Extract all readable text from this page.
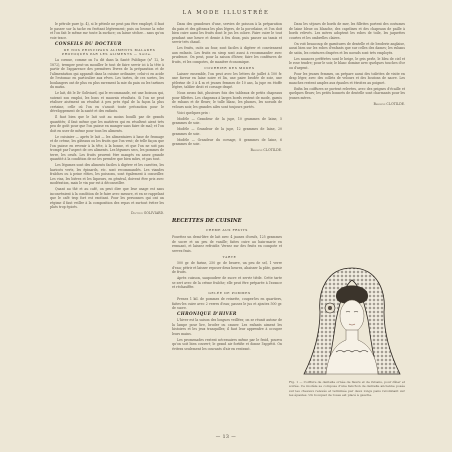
LA MODE ILLUSTRÉE

le pétrole pure (p. 4), si le pétrole ne peut pas être employé, il faut le passer sur la tache en frottant légèrement; puis on brosse la robe et l'on fait le même sur toute la surface; on laisse sécher... sans qu'on voie trace.

CONSEILS DU DOCTEUR

DE NOS PRINCIPAUX ALIMENTS MALADES PROVOQUÉS PAR LES ALIMENTS — Suite.

La cornue, comme on l'a dit dans la Santé Publique (n° 12, le 1872), tremper peut-on mouiller le tout de faire servir ici à la tête à partir de l'apparence des premières lèvres de la préparation et de l'alimentation qui apparaît dans la cuisine ordinaire; celui-ci en acide de l'estomac en particulier aux rêves. Les tartes, de ces sortes, les boulangers ont de plus en plus rarement la mie du pain ou les tartines du matin.

Le lait, dit le Dr Goliviard, qui le recommande, est une boisson qui, suivant son emploi, les bons et mauvais résultats. Si l'on ne peut réaliser aisément un résultat à peu près égal de la façon la plus certaine, celle où l'on en s'assoit toute précaution pour le développement de la santé et des enfants.

Il faut bien que le lait soit au moins bouilli par de grands quantités; il faut même que les matières qui en résultent aient très peu de goût pour que l'on puisse en manger sans faire de mal; et l'on doit en user de même pour tous les aliments.

Le cuisinier — après le lait — les alimentaires à base de fromage et de crème, les gâteaux ou les fruits que l'on veut; de telle façon que l'on puisse en revenir à la tête, à la bonne, et que l'on ne soit pas trompé par l'aspect de ces aliments. Les légumes secs, les pommes de terre, les oeufs. Les fruits peuvent être mangés en assez grande quantité à la condition de ne les prendre que bien mûrs, et pas tout.

Les légumes sont des aliments faciles à digérer et les carottes, les haricots verts, les épinards, etc. sont recommandés. Les viandes fraîches ou à peine rôties, les poissons, sont également à conseiller. Les vins, les bières et les liqueurs, en général, doivent être pris avec modération, mais le vin pur est à déconseiller.

Quant au thé et au café, on peut dire que leur usage est sans inconvénient à la condition de le faire avec mesure, et en se rappelant que le café trop fort est excitant. Pour les personnes qui ont un régime il faut veiller à la composition des repas et surtout éviter les plats trop épicés.

Docteur GOLIVIARD.

Dans des grandeurs d'une, servies de poisson à la préparation du pain et des gâteaux les plus légers, de la porcelaine, et l'on doit bien cuire aussi les fruits dont le jus les colore. Faire cuire le tout pendant une heure et demie à feu doux, puis passer au tamis et servir très chaud.

Les fruits, cuits au four, sont faciles à digérer et conviennent aux enfants. Les fruits en sirop sont aussi à recommander avec prudence. On peut, pour la saison d'hiver, faire les confitures de fruits, et les compotes, de manière économique.

COURRIER DES MODES

Laisser ensemble, l'on peut avec les lettres de juillet à 100 fr. une faveur en laine noire et lin, une paire brodée de soie, une pèlerine de 3 à 4 m et jeunes femmes de 10 ans, la jupe en étoffe légère, tablier droit et corsage drapé.

Nous avons fait, plusieurs fois des tableaux de petits chapeaux pour fillettes. Les chapeaux à larges bords restent de mode, garnis de rubans et de fleurs; le tulle blanc, les plumes, les noeuds de velours noir, les grandes ailes sont toujours portés.

Voici quelques prix :

Modèle — Grandeur de la jupe, 10 grammes de laine, 5 grammes de soie.

Modèle — Grandeur de la jupe, 12 grammes de laine, 20 grammes de soie.

Modèle — Grandeur du corsage, 8 grammes de laine, 6 grammes de soie.

Baronne CLOTILDE.

RECETTES DE CUISINE
CREME AUX FRUITS
Fouettez un demi-litre de lait avec 4 jaunes d'oeufs, 125 grammes de sucre et un peu de vanille; faites cuire au bain-marie en remuant, et laissez refroidir. Versez sur des fruits en compote et servez frais.

TARTE

500 gr. de farine, 250 gr. de beurre, un peu de sel, 1 verre d'eau; pétrir et laisser reposer deux heures, abaisser la pâte, garnir de fruits.

Après cuisson, saupoudrer de sucre et servir tiède. Cette tarte se sert avec de la crème fraîche; elle peut être préparée à l'avance et réchauffée.

GELÉE DE POMMES

Prenez 1 kil. de pommes de reinette, coupez-les en quartiers, faites-les cuire avec 2 verres d'eau; passez le jus et ajoutez 500 gr. de sucre.

CHRONIQUE D'HIVER

L'hiver est la saison des longues veillées; on se réunit autour de la lampe pour lire, broder ou causer. Les enfants aiment les histoires et les jeux tranquilles; il faut leur apprendre à occuper leurs mains.

Les promenades restent nécessaires même par le froid, pourvu qu'on soit bien couvert; le grand air fortifie et donne l'appétit. On évitera seulement les courants d'air en rentrant.

Dans les séjours de bords de mer, les fillettes portent des costumes de laine bleue ou blanche, des capelines et des chapeaux de paille à bords relevés. Les mères adoptent les robes de toile, les jaquettes courtes et les ombrelles claires.

On voit beaucoup de garnitures de dentelle et de broderie anglaise, aussi bien sur les robes d'enfants que sur celles des dames; les rubans de satin, les ceintures drapées et les noeuds sont très employés.

Les nuances préférées sont le beige, le gris perle, le bleu de ciel et le rose tendre; pour le soir, le blanc domine avec quelques touches d'or ou d'argent.

Pour les jeunes femmes, on prépare aussi des toilettes de visite en drap léger, avec des collets de velours et des boutons de nacre. Les manches restent amples aux épaules et étroites au poignet.

Enfin les coiffures se portent relevées, avec des peignes d'écaille et quelques fleurs; les petits bonnets de dentelle sont charmants pour les jeunes mères.

Baronne CLOTILDE.

Fig. 1 — Coiffure de dentelle ornée de fleurs et de rubans, pour dîner et soirée. Ce modèle se compose d'une fanchon de dentelle ancienne posée sur les cheveux relevés et terminée par deux longs pans retombant sur les épaules. Un bouquet de roses est placé à gauche.
— 13 —
